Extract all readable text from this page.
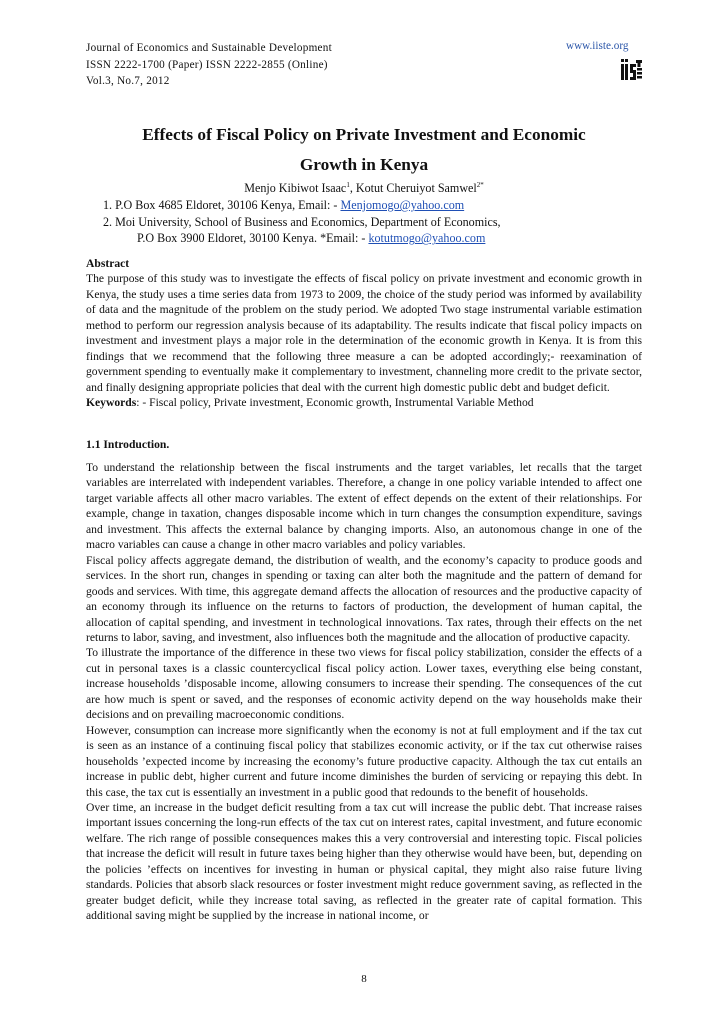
Journal of Economics and Sustainable Development
ISSN 2222-1700 (Paper) ISSN 2222-2855 (Online)
Vol.3, No.7, 2012
www.iiste.org
Effects of Fiscal Policy on Private Investment and Economic
Growth in Kenya
Menjo Kibiwot Isaac$^1$, Kotut Cheruiyot Samwel$^{2*}$
1. P.O Box 4685 Eldoret, 30106 Kenya, Email: - Menjomogo@yahoo.com
2. Moi University, School of Business and Economics, Department of Economics,
P.O Box 3900 Eldoret, 30100 Kenya. *Email: - kotutmogo@yahoo.com

Abstract

The purpose of this study was to investigate the effects of fiscal policy on private investment and economic growth in Kenya, the study uses a time series data from 1973 to 2009, the choice of the study period was informed by availability of data and the magnitude of the problem on the study period. We adopted Two stage instrumental variable estimation method to perform our regression analysis because of its adaptability. The results indicate that fiscal policy impacts on investment and investment plays a major role in the determination of the economic growth in Kenya. It is from this findings that we recommend that the following three measure a can be adopted accordingly;- reexamination of government spending to eventually make it complementary to investment, channeling more credit to the private sector, and finally designing appropriate policies that deal with the current high domestic public debt and budget deficit.

Keywords: - Fiscal policy, Private investment, Economic growth, Instrumental Variable Method

1.1 Introduction.

To understand the relationship between the fiscal instruments and the target variables, let recalls that the target variables are interrelated with independent variables. Therefore, a change in one policy variable intended to affect one target variable affects all other macro variables. The extent of effect depends on the extent of their relationships. For example, change in taxation, changes disposable income which in turn changes the consumption expenditure, savings and investment. This affects the external balance by changing imports. Also, an autonomous change in one of the macro variables can cause a change in other macro variables and policy variables.

Fiscal policy affects aggregate demand, the distribution of wealth, and the economy’s capacity to produce goods and services. In the short run, changes in spending or taxing can alter both the magnitude and the pattern of demand for goods and services. With time, this aggregate demand affects the allocation of resources and the productive capacity of an economy through its influence on the returns to factors of production, the development of human capital, the allocation of capital spending, and investment in technological innovations. Tax rates, through their effects on the net returns to labor, saving, and investment, also influences both the magnitude and the allocation of productive capacity.

To illustrate the importance of the difference in these two views for fiscal policy stabilization, consider the effects of a cut in personal taxes is a classic countercyclical fiscal policy action. Lower taxes, everything else being constant, increase households ’disposable income, allowing consumers to increase their spending. The consequences of the cut are how much is spent or saved, and the responses of economic activity depend on the way households make their decisions and on prevailing macroeconomic conditions.

However, consumption can increase more significantly when the economy is not at full employment and if the tax cut is seen as an instance of a continuing fiscal policy that stabilizes economic activity, or if the tax cut otherwise raises households ’expected income by increasing the economy’s future productive capacity. Although the tax cut entails an increase in public debt, higher current and future income diminishes the burden of servicing or repaying this debt. In this case, the tax cut is essentially an investment in a public good that redounds to the benefit of households.

Over time, an increase in the budget deficit resulting from a tax cut will increase the public debt. That increase raises important issues concerning the long-run effects of the tax cut on interest rates, capital investment, and future economic welfare. The rich range of possible consequences makes this a very controversial and interesting topic. Fiscal policies that increase the deficit will result in future taxes being higher than they otherwise would have been, but, depending on the policies ’effects on incentives for investing in human or physical capital, they might also raise future living standards. Policies that absorb slack resources or foster investment might reduce government saving, as reflected in the greater budget deficit, while they increase total saving, as reflected in the greater rate of capital formation. This additional saving might be supplied by the increase in national income, or

8
